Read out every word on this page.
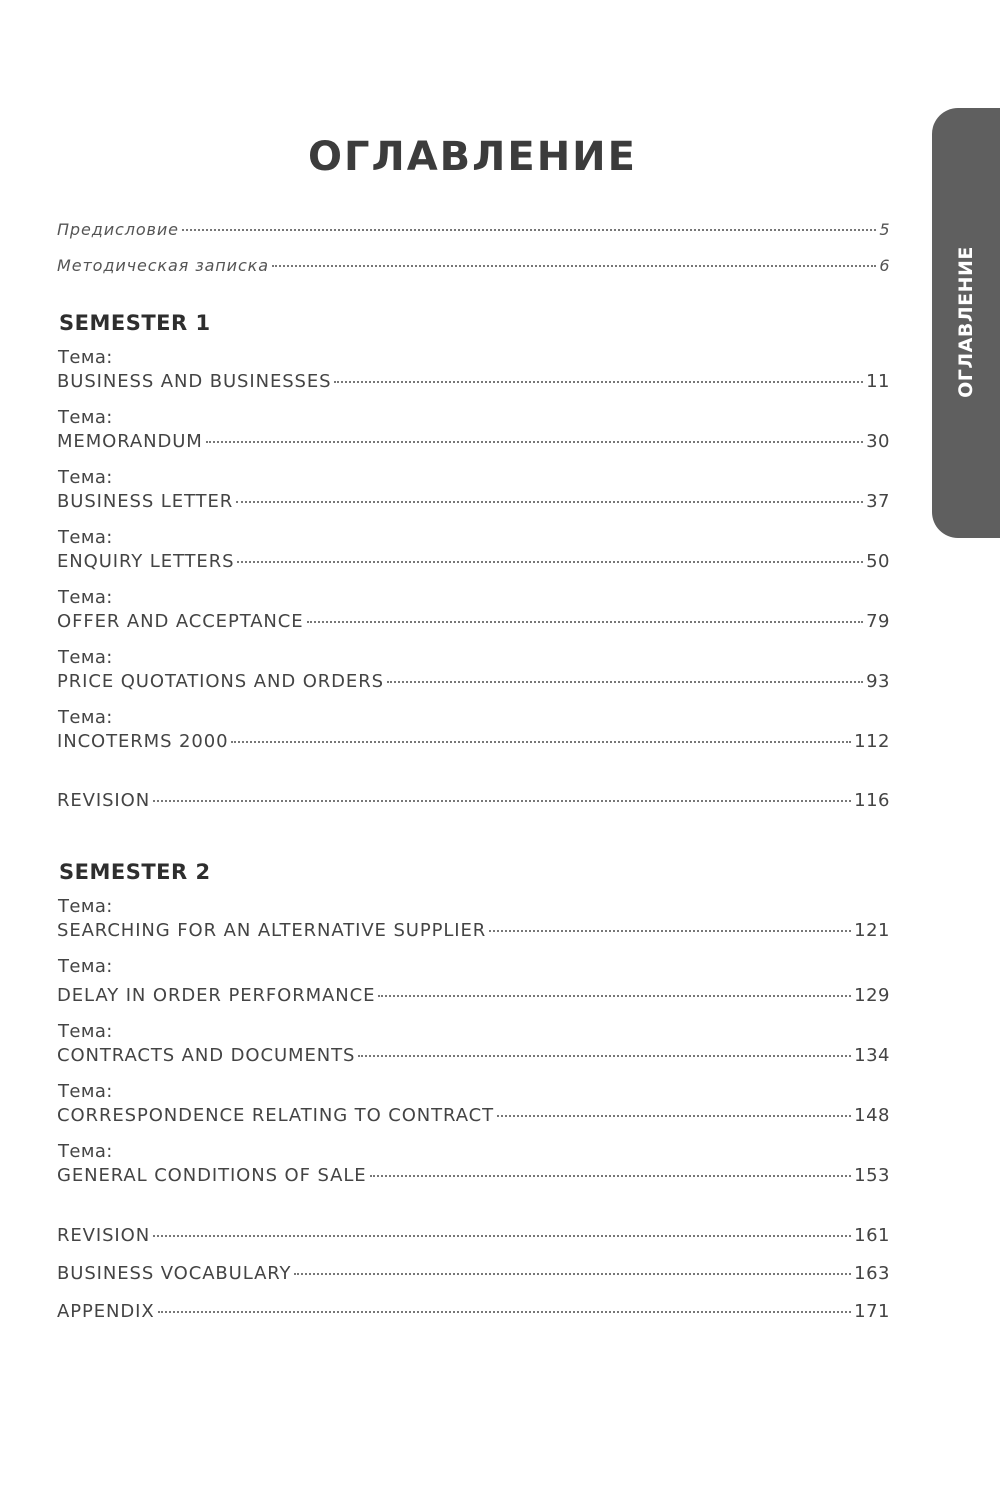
ОГЛАВЛЕНИЕ
ОГЛАВЛЕНИЕ
Предисловие	5
Методическая записка	6
SEMESTER 1
Тема:
BUSINESS AND BUSINESSES	11
Тема:
MEMORANDUM	30
Тема:
BUSINESS LETTER	37
Тема:
ENQUIRY LETTERS	50
Тема:
OFFER AND ACCEPTANCE	79
Тема:
PRICE QUOTATIONS AND ORDERS	93
Тема:
INCOTERMS 2000	112
REVISION	116
SEMESTER 2
Тема:
SEARCHING FOR AN ALTERNATIVE SUPPLIER	121
Тема:
DELAY IN ORDER PERFORMANCE	129
Тема:
CONTRACTS AND DOCUMENTS	134
Тема:
CORRESPONDENCE RELATING TO CONTRACT	148
Тема:
GENERAL CONDITIONS OF SALE	153
REVISION	161
BUSINESS VOCABULARY	163
APPENDIX	171
